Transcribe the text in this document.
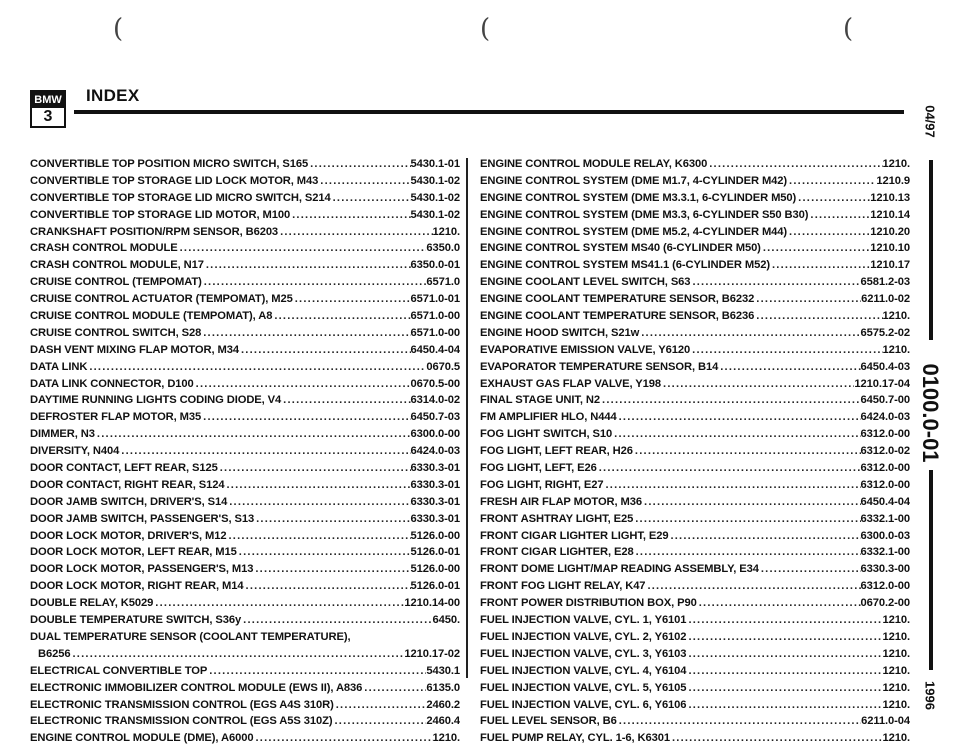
(	(	(
BMW
3
INDEX
CONVERTIBLE TOP POSITION MICRO SWITCH, S165 .....	5430.1-01
CONVERTIBLE TOP STORAGE LID LOCK MOTOR, M43 .....	5430.1-02
CONVERTIBLE TOP STORAGE LID MICRO SWITCH, S214 .....	5430.1-02
CONVERTIBLE TOP STORAGE LID MOTOR, M100 .....	5430.1-02
CRANKSHAFT POSITION/RPM SENSOR, B6203 .....	1210.
CRASH CONTROL MODULE .....	6350.0
CRASH CONTROL MODULE, N17 .....	6350.0-01
CRUISE CONTROL (TEMPOMAT) .....	6571.0
CRUISE CONTROL ACTUATOR (TEMPOMAT), M25 .....	6571.0-01
CRUISE CONTROL MODULE (TEMPOMAT), A8 .....	6571.0-00
CRUISE CONTROL SWITCH, S28 .....	6571.0-00
DASH VENT MIXING FLAP MOTOR, M34 .....	6450.4-04
DATA LINK .....	0670.5
DATA LINK CONNECTOR, D100 .....	0670.5-00
DAYTIME RUNNING LIGHTS CODING DIODE, V4 .....	6314.0-02
DEFROSTER FLAP MOTOR, M35 .....	6450.7-03
DIMMER, N3 .....	6300.0-00
DIVERSITY, N404 .....	6424.0-03
DOOR CONTACT, LEFT REAR, S125 .....	6330.3-01
DOOR CONTACT, RIGHT REAR, S124 .....	6330.3-01
DOOR JAMB SWITCH, DRIVER'S, S14 .....	6330.3-01
DOOR JAMB SWITCH, PASSENGER'S, S13 .....	6330.3-01
DOOR LOCK MOTOR, DRIVER'S, M12 .....	5126.0-00
DOOR LOCK MOTOR, LEFT REAR, M15 .....	5126.0-01
DOOR LOCK MOTOR, PASSENGER'S, M13 .....	5126.0-00
DOOR LOCK MOTOR, RIGHT REAR, M14 .....	5126.0-01
DOUBLE RELAY, K5029 .....	1210.14-00
DOUBLE TEMPERATURE SWITCH, S36y .....	6450.
DUAL TEMPERATURE SENSOR (COOLANT TEMPERATURE),
B6256 .....	1210.17-02
ELECTRICAL CONVERTIBLE TOP .....	5430.1
ELECTRONIC IMMOBILIZER CONTROL MODULE (EWS II), A836 .....	6135.0
ELECTRONIC TRANSMISSION CONTROL (EGS A4S 310R) .....	2460.2
ELECTRONIC TRANSMISSION CONTROL (EGS A5S 310Z) .....	2460.4
ENGINE CONTROL MODULE (DME), A6000 .....	1210.
ENGINE CONTROL MODULE RELAY, K6300 .....	1210.
ENGINE CONTROL SYSTEM (DME M1.7, 4-CYLINDER M42) .....	1210.9
ENGINE CONTROL SYSTEM (DME M3.3.1, 6-CYLINDER M50) .....	1210.13
ENGINE CONTROL SYSTEM (DME M3.3, 6-CYLINDER S50 B30) .....	1210.14
ENGINE CONTROL SYSTEM (DME M5.2, 4-CYLINDER M44) .....	1210.20
ENGINE CONTROL SYSTEM MS40 (6-CYLINDER M50) .....	1210.10
ENGINE CONTROL SYSTEM MS41.1 (6-CYLINDER M52) .....	1210.17
ENGINE COOLANT LEVEL SWITCH, S63 .....	6581.2-03
ENGINE COOLANT TEMPERATURE SENSOR, B6232 .....	6211.0-02
ENGINE COOLANT TEMPERATURE SENSOR, B6236 .....	1210.
ENGINE HOOD SWITCH, S21w .....	6575.2-02
EVAPORATIVE EMISSION VALVE, Y6120 .....	1210.
EVAPORATOR TEMPERATURE SENSOR, B14 .....	6450.4-03
EXHAUST GAS FLAP VALVE, Y198 .....	1210.17-04
FINAL STAGE UNIT, N2 .....	6450.7-00
FM AMPLIFIER HLO, N444 .....	6424.0-03
FOG LIGHT SWITCH, S10 .....	6312.0-00
FOG LIGHT, LEFT REAR, H26 .....	6312.0-02
FOG LIGHT, LEFT, E26 .....	6312.0-00
FOG LIGHT, RIGHT, E27 .....	6312.0-00
FRESH AIR FLAP MOTOR, M36 .....	6450.4-04
FRONT ASHTRAY LIGHT, E25 .....	6332.1-00
FRONT CIGAR LIGHTER LIGHT, E29 .....	6300.0-03
FRONT CIGAR LIGHTER, E28 .....	6332.1-00
FRONT DOME LIGHT/MAP READING ASSEMBLY, E34 .....	6330.3-00
FRONT FOG LIGHT RELAY, K47 .....	6312.0-00
FRONT POWER DISTRIBUTION BOX, P90 .....	0670.2-00
FUEL INJECTION VALVE, CYL. 1, Y6101 .....	1210.
FUEL INJECTION VALVE, CYL. 2, Y6102 .....	1210.
FUEL INJECTION VALVE, CYL. 3, Y6103 .....	1210.
FUEL INJECTION VALVE, CYL. 4, Y6104 .....	1210.
FUEL INJECTION VALVE, CYL. 5, Y6105 .....	1210.
FUEL INJECTION VALVE, CYL. 6, Y6106 .....	1210.
FUEL LEVEL SENSOR, B6 .....	6211.0-04
FUEL PUMP RELAY, CYL. 1-6, K6301 .....	1210.
04/97
0100.0-01
1996
